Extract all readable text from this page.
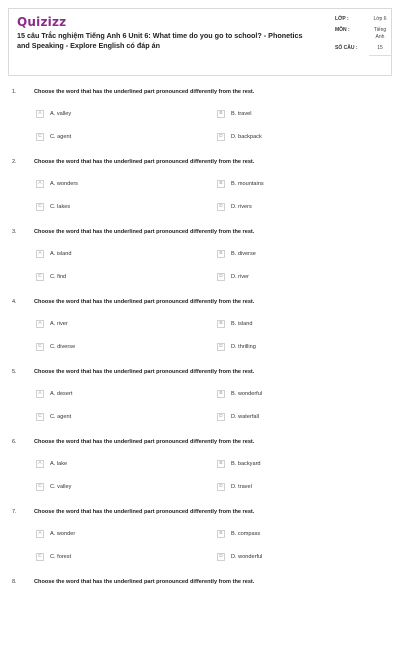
Quizizz
15 câu Trắc nghiệm Tiếng Anh 6 Unit 6: What time do you go to school? - Phonetics and Speaking - Explore English có đáp án
LỚP :	Lớp 6
MÔN :	Tiếng Anh
SỐ CÂU :	15
1.	Choose the word that has the underlined part pronounced differently from the rest.
A	A. valley	B	B. travel
C	C. agent	D	D. backpack
2.	Choose the word that has the underlined part pronounced differently from the rest.
A	A. wonders	B	B. mountains
C	C. lakes	D	D. rivers
3.	Choose the word that has the underlined part pronounced differently from the rest.
A	A. island	B	B. diverse
C	C. find	D	D. river
4.	Choose the word that has the underlined part pronounced differently from the rest.
A	A. river	B	B. island
C	C. diverse	D	D. thrilling
5.	Choose the word that has the underlined part pronounced differently from the rest.
A	A. desert	B	B. wonderful
C	C. agent	D	D. waterfall
6.	Choose the word that has the underlined part pronounced differently from the rest.
A	A. lake	B	B. backyard
C	C. valley	D	D. travel
7.	Choose the word that has the underlined part pronounced differently from the rest.
A	A. wonder	B	B. compass
C	C. forest	D	D. wonderful
8.	Choose the word that has the underlined part pronounced differently from the rest.
